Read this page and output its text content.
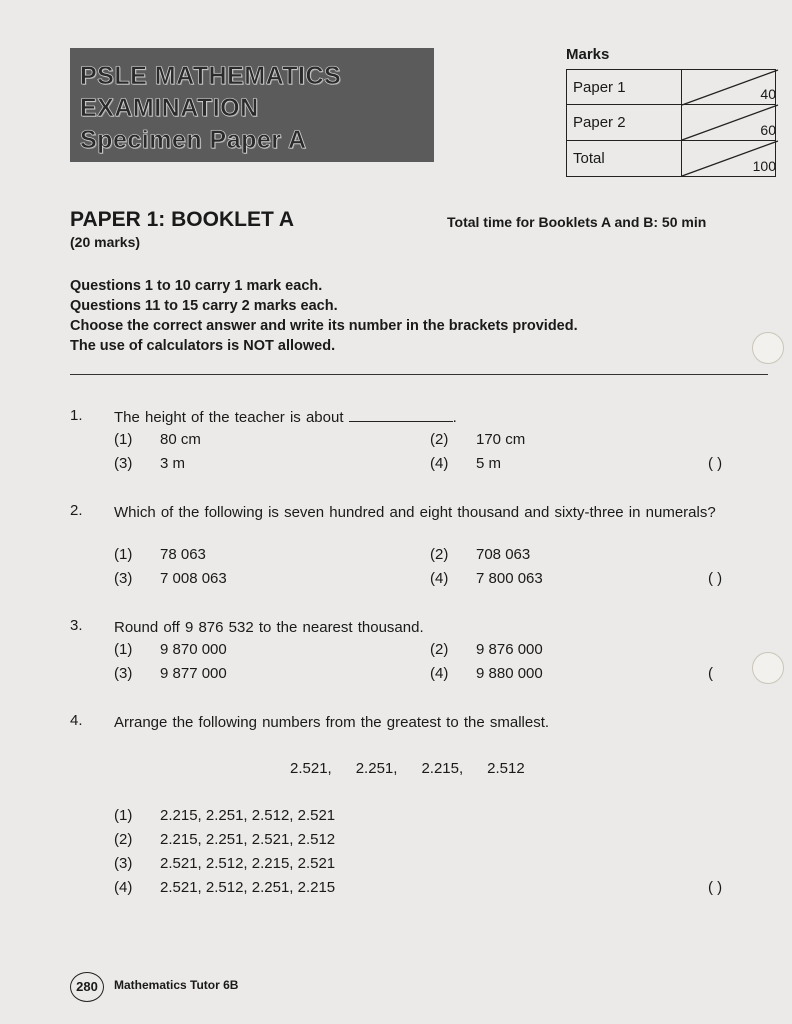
PSLE MATHEMATICS
EXAMINATION
Specimen Paper A
Marks
Paper 1	40
Paper 2	60
Total	100
PAPER 1: BOOKLET A
(20 marks)
Total time for Booklets A and B: 50 min
Questions 1 to 10 carry 1 mark each.
Questions 11 to 15 carry 2 marks each.
Choose the correct answer and write its number in the brackets provided.
The use of calculators is NOT allowed.
1. The height of the teacher is about	.
(1) 80 cm	(2) 170 cm
(3) 3 m	(4) 5 m	( )
2. Which of the following is seven hundred and eight thousand and sixty-three in numerals?
(1) 78 063	(2) 708 063
(3) 7 008 063	(4) 7 800 063	( )
3. Round off 9 876 532 to the nearest thousand.
(1) 9 870 000	(2) 9 876 000
(3) 9 877 000	(4) 9 880 000	(
4. Arrange the following numbers from the greatest to the smallest.
2.521, 2.251, 2.215, 2.512
(1) 2.215, 2.251, 2.512, 2.521
(2) 2.215, 2.251, 2.521, 2.512
(3) 2.521, 2.512, 2.215, 2.521
(4) 2.521, 2.512, 2.251, 2.215	( )
280	Mathematics Tutor 6B
